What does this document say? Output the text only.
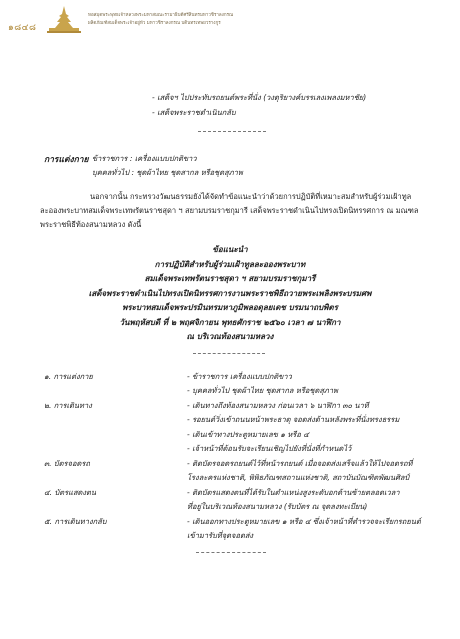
๑๘๔๘
หอสมุดพระพุทธเจ้าหลวงพระมหาสมณะรามาธิบดีศรีสินทรมหาวชิราลงกรณ
ผลิตภัณฑ์สมเด็จพระเจ้าอยู่หัว มหาวชิราลงกรณ บดินทรเทพยวรางกูร
- เสด็จฯ ไปประทับรถยนต์พระที่นั่ง (วงดุริยางค์บรรเลงเพลงมหาชัย)
- เสด็จพระราชดำเนินกลับ
การแต่งกาย ข้าราชการ : เครื่องแบบปกติขาว
บุคคลทั่วไป : ชุดผ้าไทย ชุดสากล หรือชุดสุภาพ
นอกจากนั้น กระทรวงวัฒนธรรมยังได้จัดทำข้อแนะนำว่าด้วยการปฏิบัติที่เหมาะสมสำหรับผู้ร่วมเฝ้าทูลละอองพระบาทสมเด็จพระเทพรัตนราชสุดา ฯ สยามบรมราชกุมารี เสด็จพระราชดำเนินไปทรงเปิดนิทรรศการ ณ มณฑลพระราชพิธีท้องสนามหลวง ดังนี้
ข้อแนะนำ
การปฏิบัติสำหรับผู้ร่วมเฝ้าทูลละอองพระบาท
สมเด็จพระเทพรัตนราชสุดา ฯ สยามบรมราชกุมารี
เสด็จพระราชดำเนินไปทรงเปิดนิทรรศการงานพระราชพิธีถวายพระเพลิงพระบรมศพ
พระบาทสมเด็จพระปรมินทรมหาภูมิพลอดุลยเดช บรมนาถบพิตร
วันพฤหัสบดี ที่ ๒ พฤศจิกายน พุทธศักราช ๒๕๖๐ เวลา ๗ นาฬิกา
ณ บริเวณท้องสนามหลวง
๑. การแต่งกาย	- ข้าราชการ เครื่องแบบปกติขาว
- บุคคลทั่วไป ชุดผ้าไทย ชุดสากล หรือชุดสุภาพ
๒. การเดินทาง	- เดินทางถึงท้องสนามหลวง ก่อนเวลา ๖ นาฬิกา ๓๐ นาที
- รอยนต์วิ่งเข้าถนนหน้าพระธาตุ จอดส่งด้านหลังพระที่นั่งทรงธรรม
- เดินเข้าทางประตูหมายเลข ๑ หรือ ๔
- เจ้าหน้าที่ต้อนรับจะเรียนเชิญไปยังที่นั่งที่กำหนดไว้
๓. บัตรจอดรถ	- ติดบัตรจอดรถยนต์ไว้ที่หน้ารถยนต์ เมื่อจอดส่งเสร็จแล้วให้ไปจอดรถที่
โรงละครแห่งชาติ, พิพิธภัณฑสถานแห่งชาติ, สถาบันบัณฑิตพัฒนศิลป์
๔. บัตรแสดงตน	- ติดบัตรแสดงตนที่ได้รับในตำแหน่งสูงระดับอกด้านซ้ายตลอดเวลา
ที่อยู่ในบริเวณท้องสนามหลวง (รับบัตร ณ จุดลงทะเบียน)
๕. การเดินทางกลับ	- เดินออกทางประตูหมายเลข ๑ หรือ ๔ ซึ่งเจ้าหน้าที่ตำรวจจะเรียกรถยนต์
เข้ามารับที่จุดจอดส่ง
